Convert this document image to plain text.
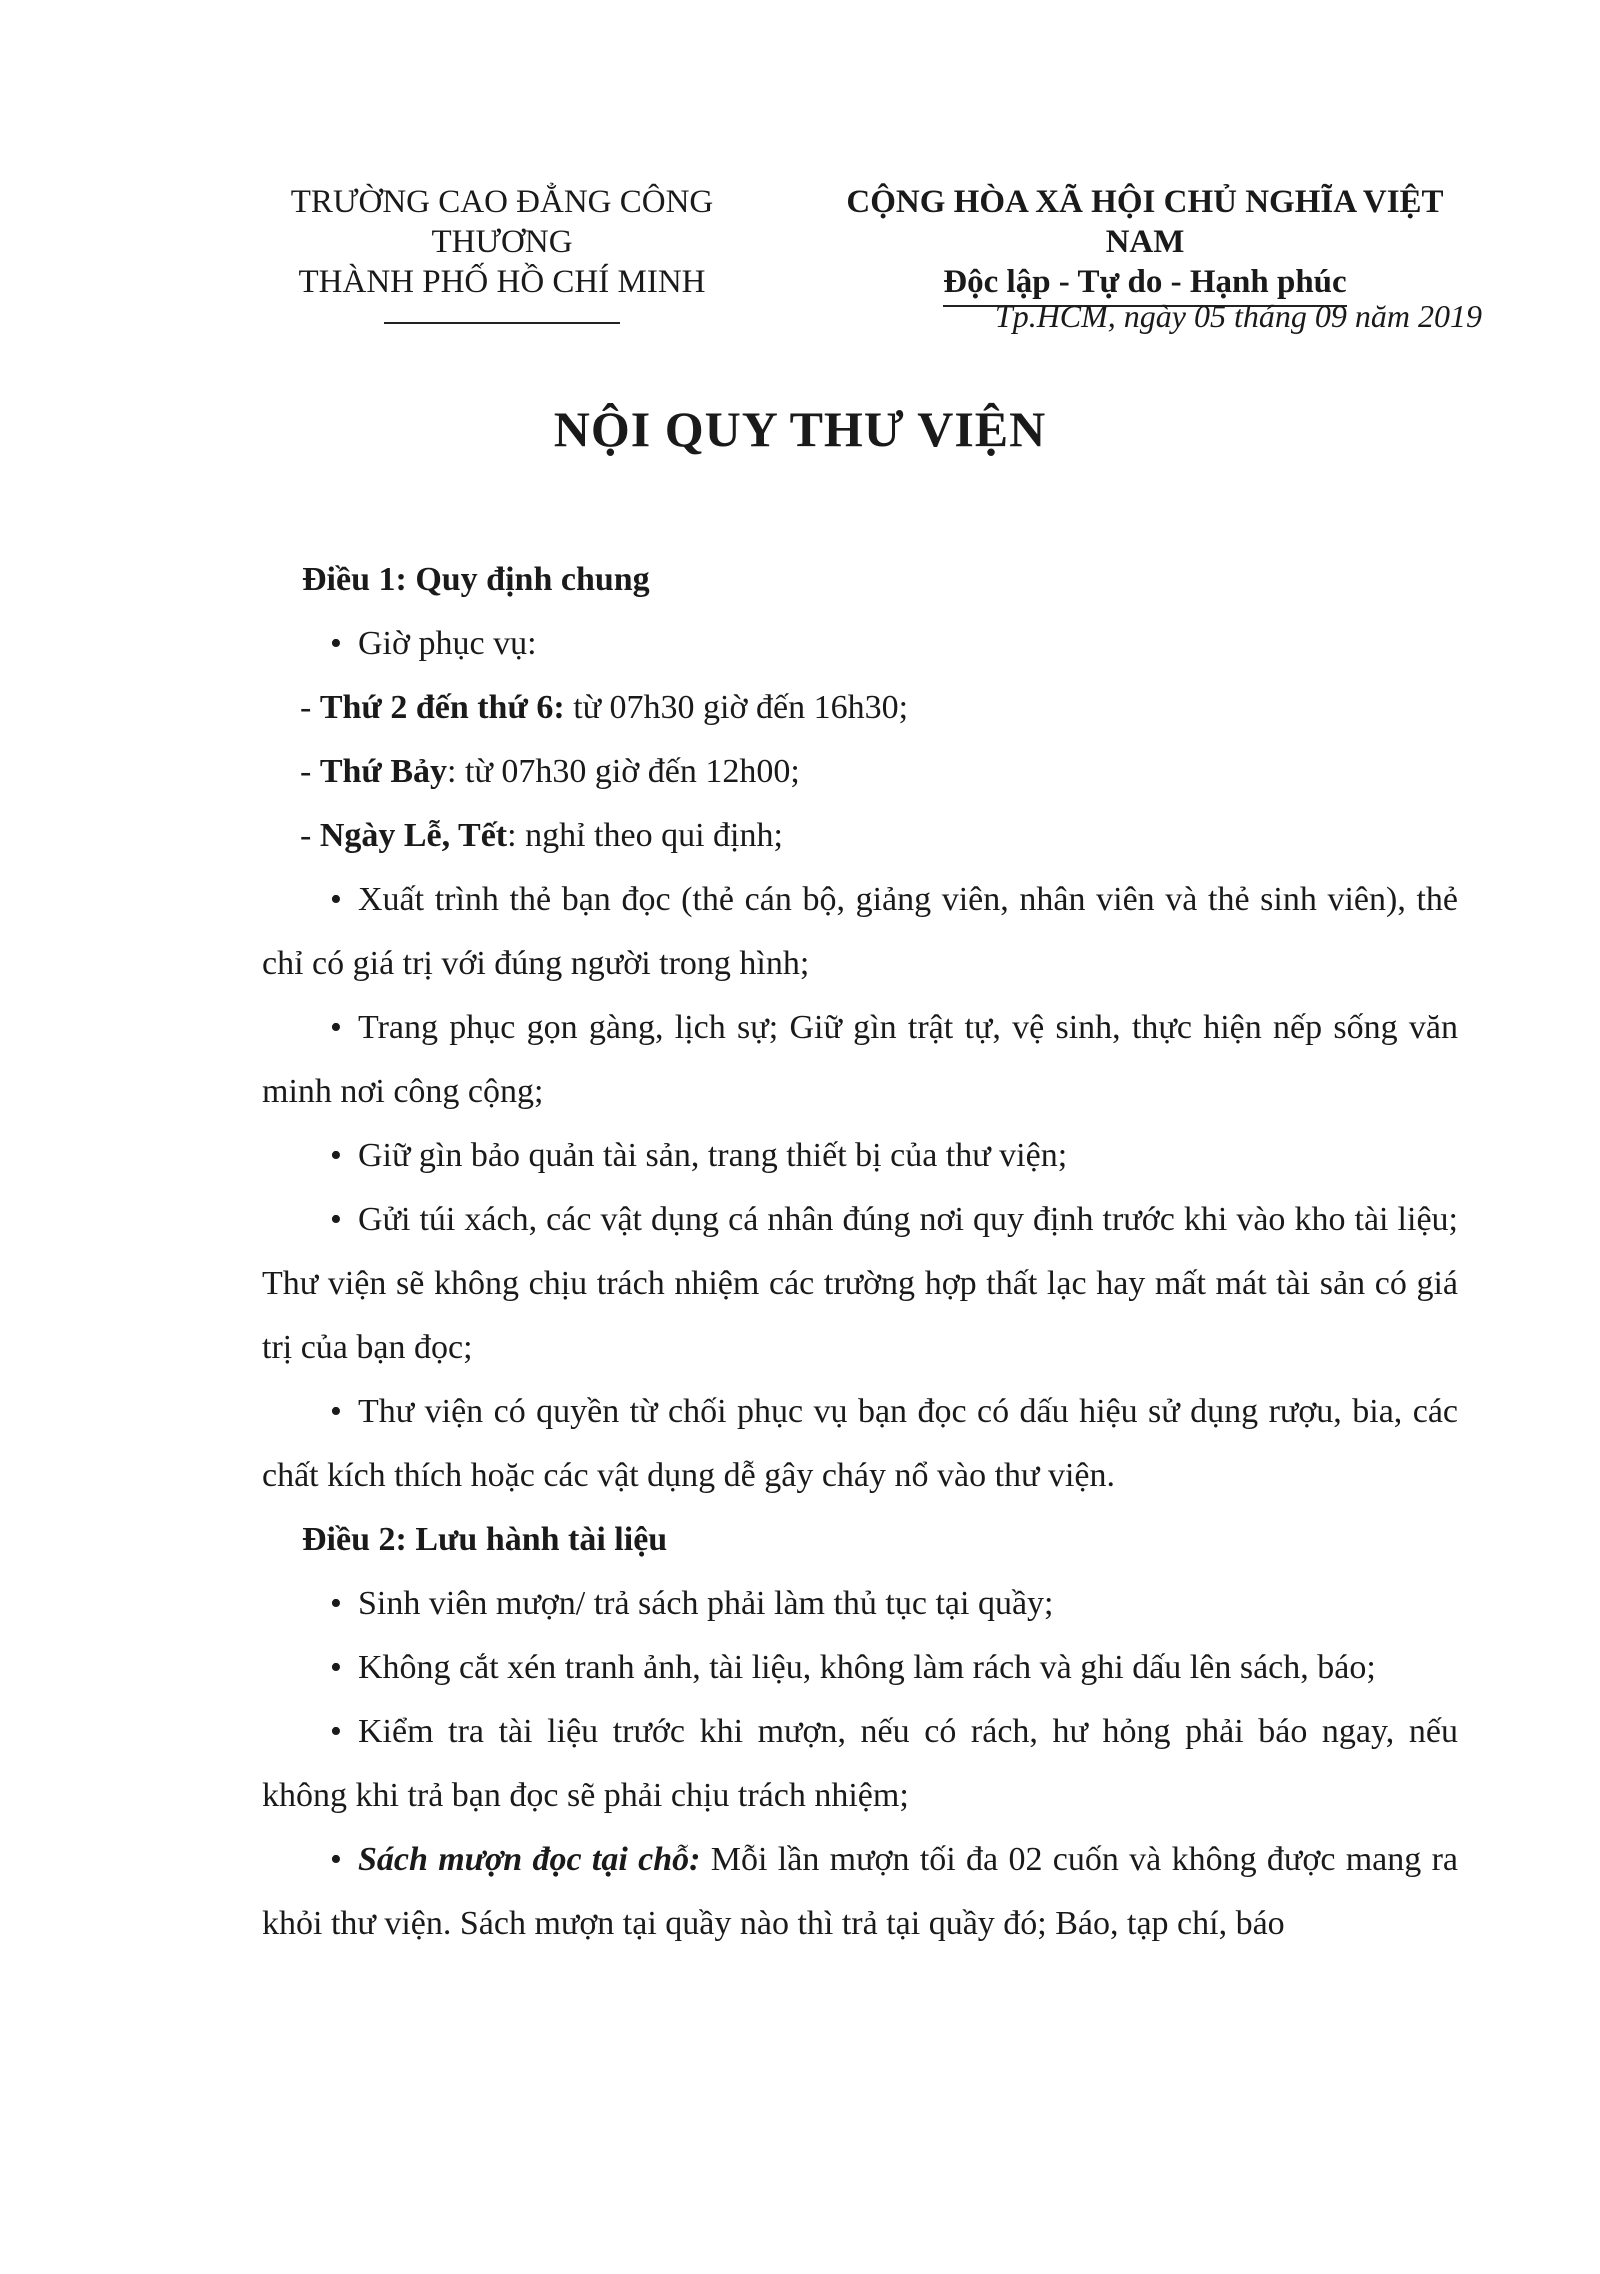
TRƯỜNG CAO ĐẲNG CÔNG THƯƠNG
THÀNH PHỐ HỒ CHÍ MINH
CỘNG HÒA XÃ HỘI CHỦ NGHĨA VIỆT NAM
Độc lập - Tự do - Hạnh phúc
Tp.HCM, ngày 05 tháng 09 năm 2019
NỘI QUY THƯ VIỆN

Điều 1: Quy định chung

• Giờ phục vụ:

- Thứ 2 đến thứ 6: từ 07h30 giờ đến 16h30;

- Thứ Bảy: từ 07h30 giờ đến 12h00;

- Ngày Lễ, Tết: nghỉ theo qui định;

• Xuất trình thẻ bạn đọc (thẻ cán bộ, giảng viên, nhân viên và thẻ sinh viên), thẻ chỉ có giá trị với đúng người trong hình;

• Trang phục gọn gàng, lịch sự; Giữ gìn trật tự, vệ sinh, thực hiện nếp sống văn minh nơi công cộng;

• Giữ gìn bảo quản tài sản, trang thiết bị của thư viện;

• Gửi túi xách, các vật dụng cá nhân đúng nơi quy định trước khi vào kho tài liệu; Thư viện sẽ không chịu trách nhiệm các trường hợp thất lạc hay mất mát tài sản có giá trị của bạn đọc;

• Thư viện có quyền từ chối phục vụ bạn đọc có dấu hiệu sử dụng rượu, bia, các chất kích thích hoặc các vật dụng dễ gây cháy nổ vào thư viện.

Điều 2: Lưu hành tài liệu

• Sinh viên mượn/ trả sách phải làm thủ tục tại quầy;

• Không cắt xén tranh ảnh, tài liệu, không làm rách và ghi dấu lên sách, báo;

• Kiểm tra tài liệu trước khi mượn, nếu có rách, hư hỏng phải báo ngay, nếu không khi trả bạn đọc sẽ phải chịu trách nhiệm;

• Sách mượn đọc tại chỗ: Mỗi lần mượn tối đa 02 cuốn và không được mang ra khỏi thư viện. Sách mượn tại quầy nào thì trả tại quầy đó; Báo, tạp chí, báo
